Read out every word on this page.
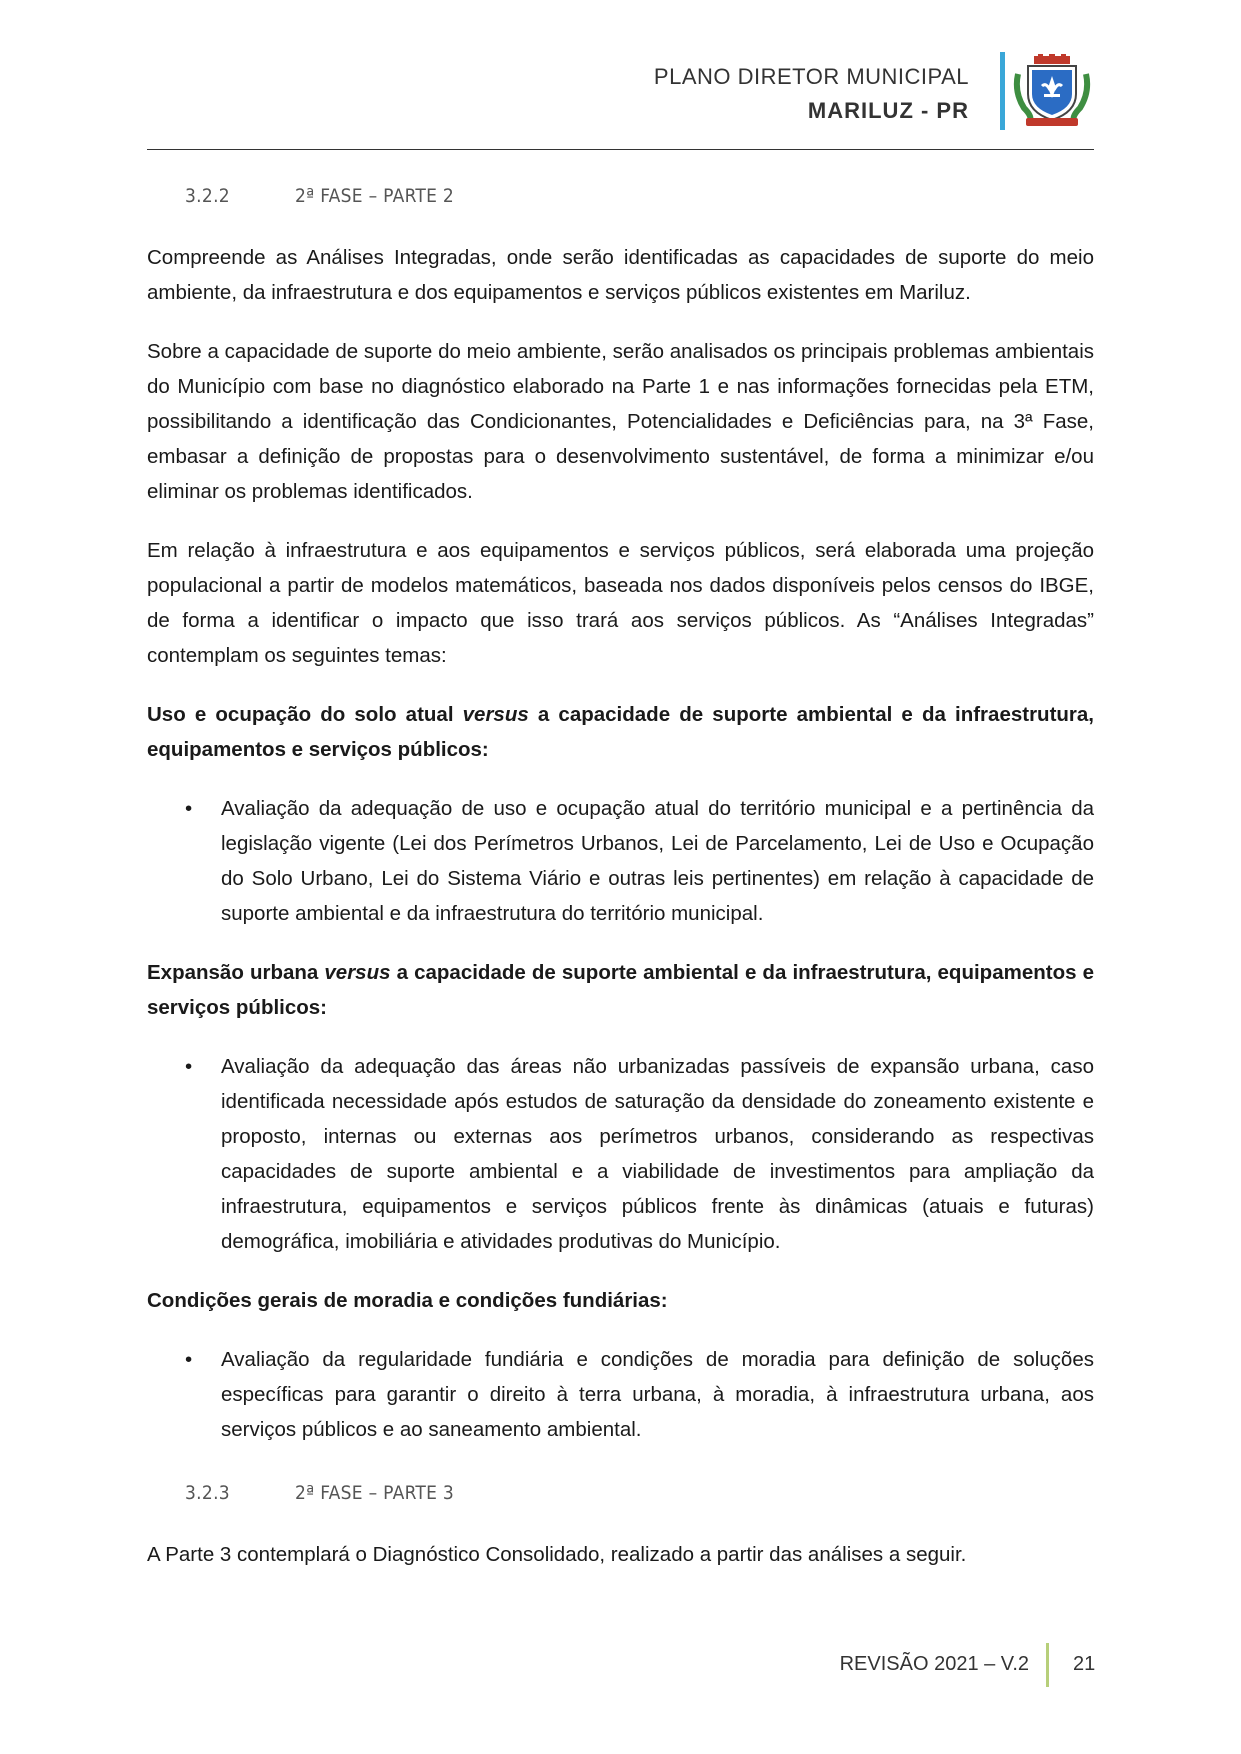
PLANO DIRETOR MUNICIPAL
MARILUZ - PR
3.2.2	2ª FASE – PARTE 2

Compreende as Análises Integradas, onde serão identificadas as capacidades de suporte do meio ambiente, da infraestrutura e dos equipamentos e serviços públicos existentes em Mariluz.

Sobre a capacidade de suporte do meio ambiente, serão analisados os principais problemas ambientais do Município com base no diagnóstico elaborado na Parte 1 e nas informações fornecidas pela ETM, possibilitando a identificação das Condicionantes, Potencialidades e Deficiências para, na 3ª Fase, embasar a definição de propostas para o desenvolvimento sustentável, de forma a minimizar e/ou eliminar os problemas identificados.

Em relação à infraestrutura e aos equipamentos e serviços públicos, será elaborada uma projeção populacional a partir de modelos matemáticos, baseada nos dados disponíveis pelos censos do IBGE, de forma a identificar o impacto que isso trará aos serviços públicos. As “Análises Integradas” contemplam os seguintes temas:

Uso e ocupação do solo atual versus a capacidade de suporte ambiental e da infraestrutura, equipamentos e serviços públicos:

• Avaliação da adequação de uso e ocupação atual do território municipal e a pertinência da legislação vigente (Lei dos Perímetros Urbanos, Lei de Parcelamento, Lei de Uso e Ocupação do Solo Urbano, Lei do Sistema Viário e outras leis pertinentes) em relação à capacidade de suporte ambiental e da infraestrutura do território municipal.

Expansão urbana versus a capacidade de suporte ambiental e da infraestrutura, equipamentos e serviços públicos:

• Avaliação da adequação das áreas não urbanizadas passíveis de expansão urbana, caso identificada necessidade após estudos de saturação da densidade do zoneamento existente e proposto, internas ou externas aos perímetros urbanos, considerando as respectivas capacidades de suporte ambiental e a viabilidade de investimentos para ampliação da infraestrutura, equipamentos e serviços públicos frente às dinâmicas (atuais e futuras) demográfica, imobiliária e atividades produtivas do Município.

Condições gerais de moradia e condições fundiárias:

• Avaliação da regularidade fundiária e condições de moradia para definição de soluções específicas para garantir o direito à terra urbana, à moradia, à infraestrutura urbana, aos serviços públicos e ao saneamento ambiental.
3.2.3	2ª FASE – PARTE 3

A Parte 3 contemplará o Diagnóstico Consolidado, realizado a partir das análises a seguir.

REVISÃO 2021 – V.2 21
